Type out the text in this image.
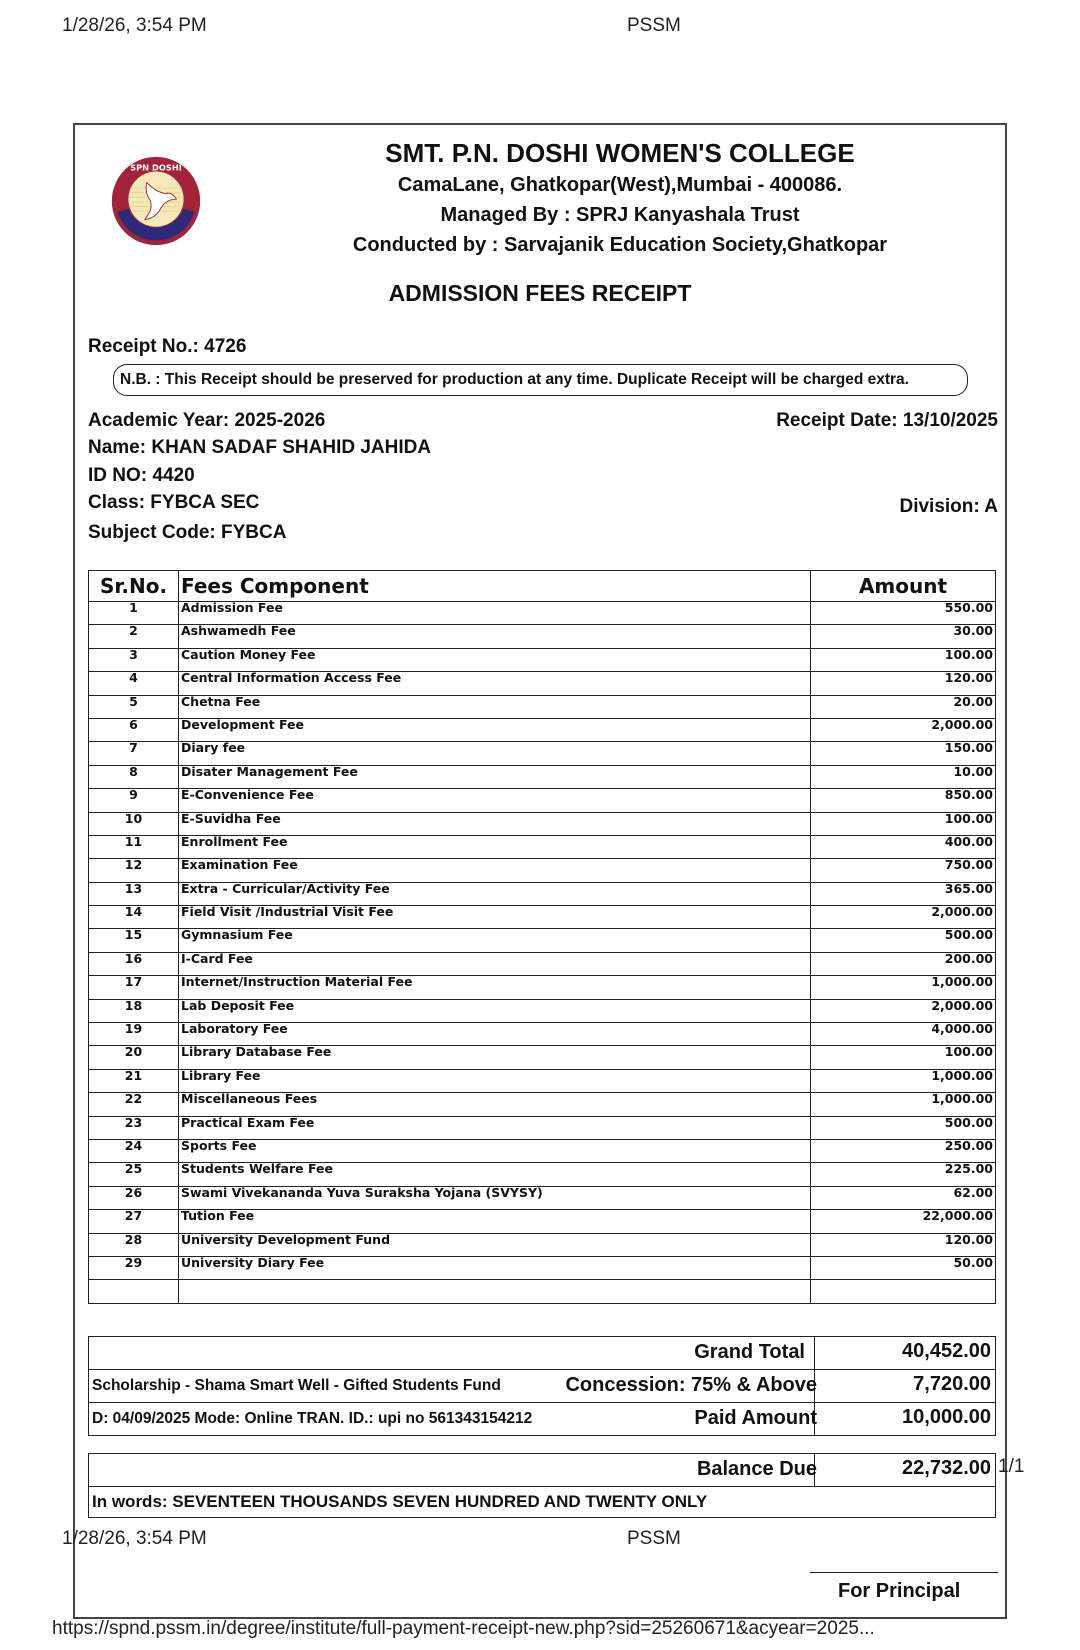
1/28/26, 3:54 PM	PSSM
SPN DOSHI	SMT. P.N. DOSHI WOMEN'S COLLEGE
CamaLane, Ghatkopar(West),Mumbai - 400086.
Managed By : SPRJ Kanyashala Trust
Conducted by : Sarvajanik Education Society,Ghatkopar
ADMISSION FEES RECEIPT
Receipt No.: 4726
N.B. : This Receipt should be preserved for production at any time. Duplicate Receipt will be charged extra.
Academic Year: 2025-2026	Receipt Date: 13/10/2025
Name: KHAN SADAF SHAHID JAHIDA
ID NO: 4420
Class: FYBCA SEC	Division: A
Subject Code: FYBCA
Sr.No.	Fees Component	Amount
1	Admission Fee	550.00
2	Ashwamedh Fee	30.00
3	Caution Money Fee	100.00
4	Central Information Access Fee	120.00
5	Chetna Fee	20.00
6	Development Fee	2,000.00
7	Diary fee	150.00
8	Disater Management Fee	10.00
9	E-Convenience Fee	850.00
10	E-Suvidha Fee	100.00
11	Enrollment Fee	400.00
12	Examination Fee	750.00
13	Extra - Curricular/Activity Fee	365.00
14	Field Visit /Industrial Visit Fee	2,000.00
15	Gymnasium Fee	500.00
16	I-Card Fee	200.00
17	Internet/Instruction Material Fee	1,000.00
18	Lab Deposit Fee	2,000.00
19	Laboratory Fee	4,000.00
20	Library Database Fee	100.00
21	Library Fee	1,000.00
22	Miscellaneous Fees	1,000.00
23	Practical Exam Fee	500.00
24	Sports Fee	250.00
25	Students Welfare Fee	225.00
26	Swami Vivekananda Yuva Suraksha Yojana (SVYSY)	62.00
27	Tution Fee	22,000.00
28	University Development Fund	120.00
29	University Diary Fee	50.00

Grand Total	40,452.00
Scholarship - Shama Smart Well - Gifted Students Fund	Concession: 75% & Above	7,720.00
D: 04/09/2025 Mode: Online TRAN. ID.: upi no 561343154212	Paid Amount	10,000.00
Balance Due	22,732.00
In words: SEVENTEEN THOUSANDS SEVEN HUNDRED AND TWENTY ONLY
1/1
1/28/26, 3:54 PM	PSSM
For Principal
https://spnd.pssm.in/degree/institute/full-payment-receipt-new.php?sid=25260671&acyear=2025...
